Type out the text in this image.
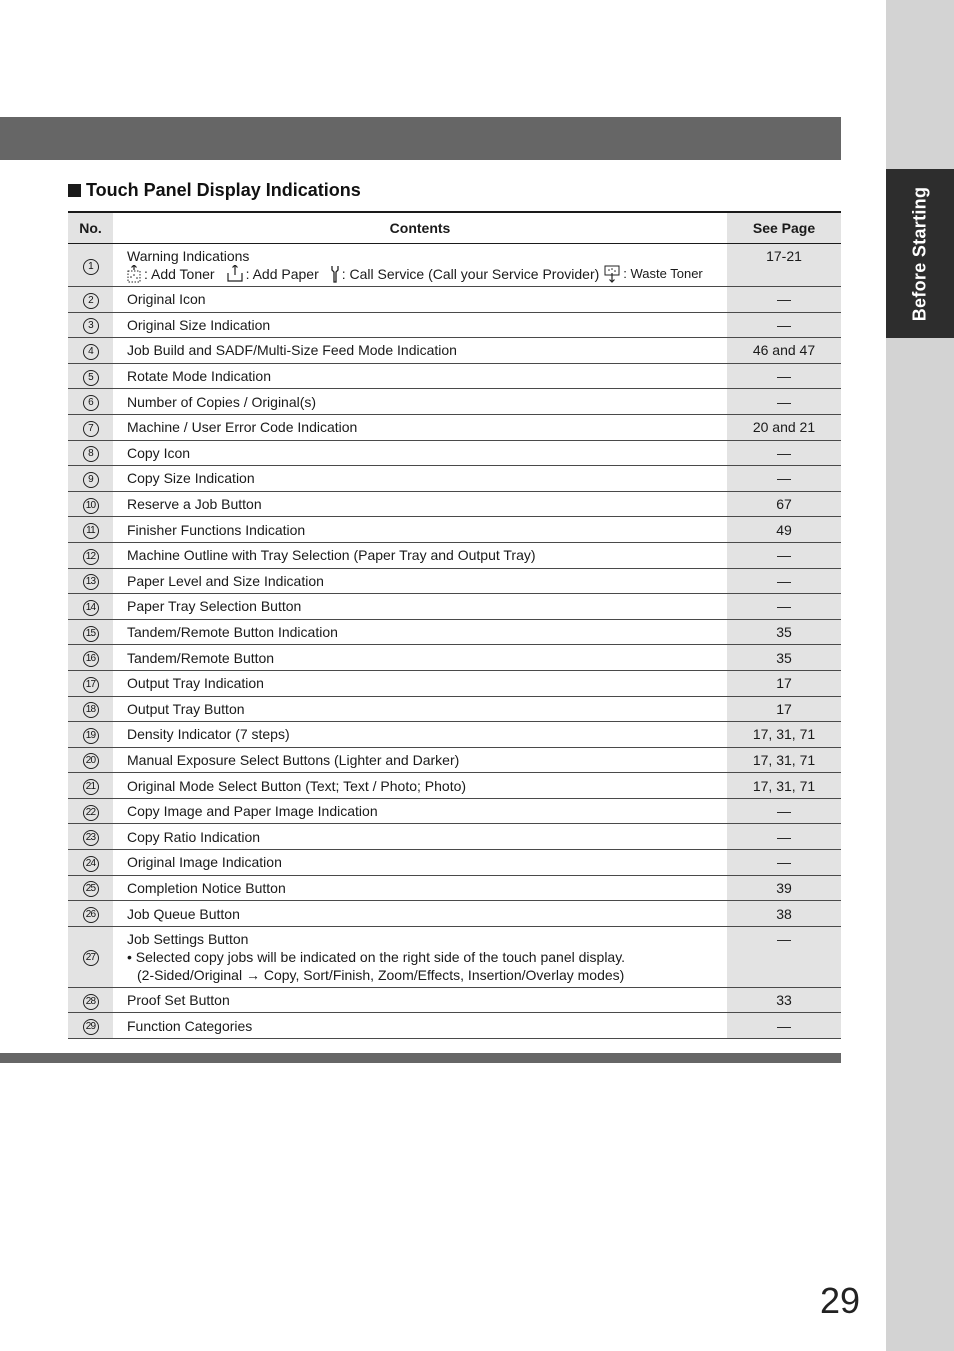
Before Starting
Touch Panel Display Indications
No.	Contents	See Page
1	Warning Indications
: Add Toner : Add Paper : Call Service (Call your Service Provider) : Waste Toner	17-21
2	Original Icon	—
3	Original Size Indication	—
4	Job Build and SADF/Multi-Size Feed Mode Indication	46 and 47
5	Rotate Mode Indication	—
6	Number of Copies / Original(s)	—
7	Machine / User Error Code Indication	20 and 21
8	Copy Icon	—
9	Copy Size Indication	—
10	Reserve a Job Button	67
11	Finisher Functions Indication	49
12	Machine Outline with Tray Selection (Paper Tray and Output Tray)	—
13	Paper Level and Size Indication	—
14	Paper Tray Selection Button	—
15	Tandem/Remote Button Indication	35
16	Tandem/Remote Button	35
17	Output Tray Indication	17
18	Output Tray Button	17
19	Density Indicator (7 steps)	17, 31, 71
20	Manual Exposure Select Buttons (Lighter and Darker)	17, 31, 71
21	Original Mode Select Button (Text; Text / Photo; Photo)	17, 31, 71
22	Copy Image and Paper Image Indication	—
23	Copy Ratio Indication	—
24	Original Image Indication	—
25	Completion Notice Button	39
26	Job Queue Button	38
27	Job Settings Button
• Selected copy jobs will be indicated on the right side of the touch panel display.
(2-Sided/Original → Copy, Sort/Finish, Zoom/Effects, Insertion/Overlay modes)	—
28	Proof Set Button	33
29	Function Categories	—
29
